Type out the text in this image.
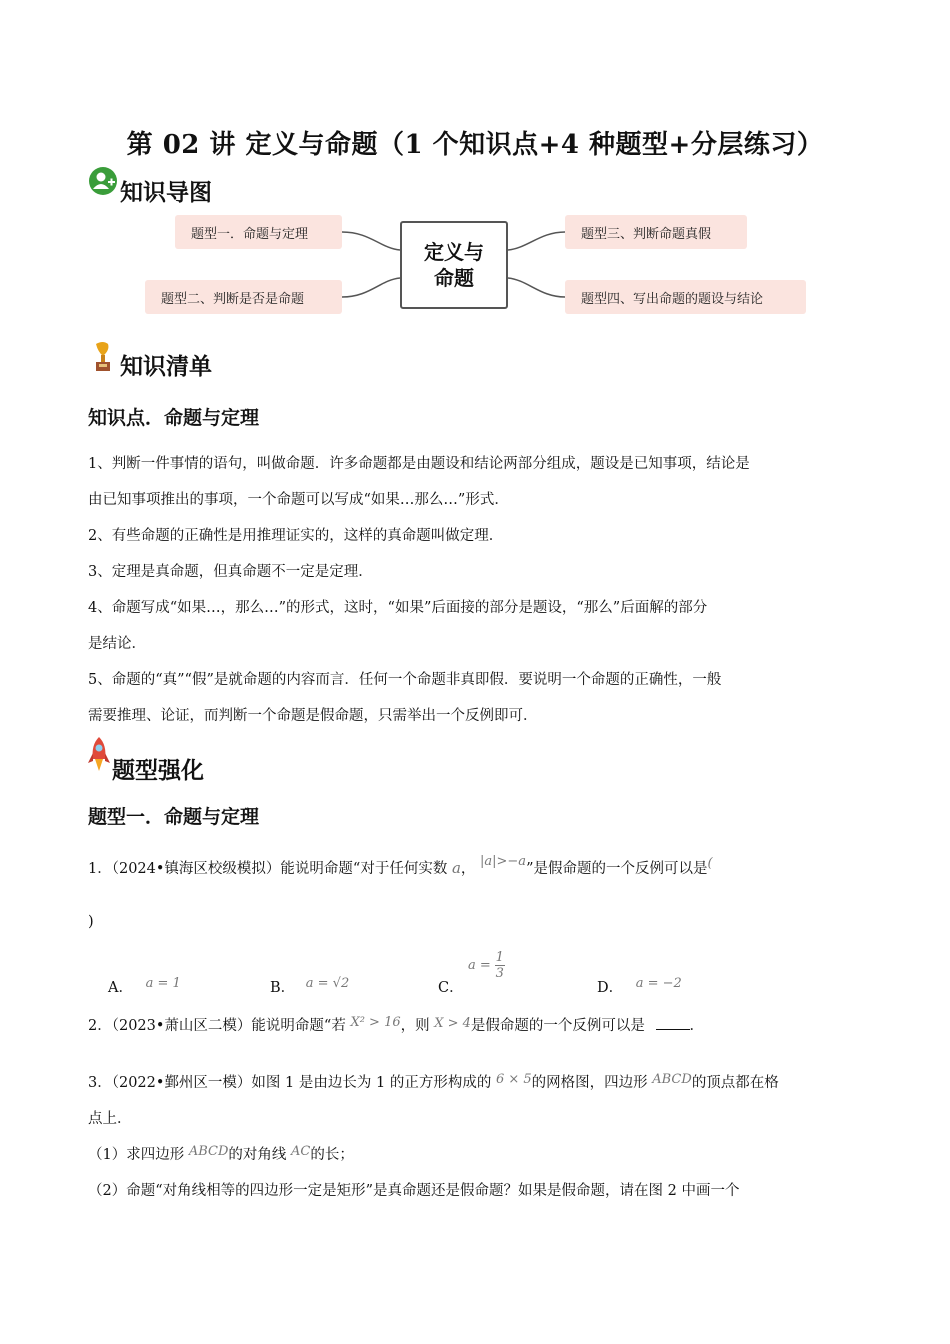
第 02 讲 定义与命题（1 个知识点+4 种题型+分层练习）
知识导图
题型一．命题与定理
题型二、判断是否是命题
定义与
命题
题型三、判断命题真假
题型四、写出命题的题设与结论
知识清单
知识点．命题与定理
1、判断一件事情的语句，叫做命题．许多命题都是由题设和结论两部分组成，题设是已知事项，结论是
由已知事项推出的事项，一个命题可以写成“如果…那么…”形式．
2、有些命题的正确性是用推理证实的，这样的真命题叫做定理．
3、定理是真命题，但真命题不一定是定理．
4、命题写成“如果…，那么…”的形式，这时，“如果”后面接的部分是题设，“那么”后面解的部分
是结论．
5、命题的“真”“假”是就命题的内容而言．任何一个命题非真即假．要说明一个命题的正确性，一般
需要推理、论证，而判断一个命题是假命题，只需举出一个反例即可．
题型强化
题型一．命题与定理
1．（2024•镇海区校级模拟）能说明命题“对于任何实数 a， |a|>−a”是假命题的一个反例可以是(
)
A． a = 1	B． a = √2	C．
a =
1
3
D． a = −2
2．（2023•萧山区二模）能说明命题“若 X² > 16，则 X > 4是假命题的一个反例可以是	．
3．（2022•鄞州区一模）如图 1 是由边长为 1 的正方形构成的 6 × 5的网格图，四边形 ABCD的顶点都在格
点上．
（1）求四边形 ABCD的对角线 AC的长；
（2）命题“对角线相等的四边形一定是矩形”是真命题还是假命题？如果是假命题，请在图 2 中画一个
